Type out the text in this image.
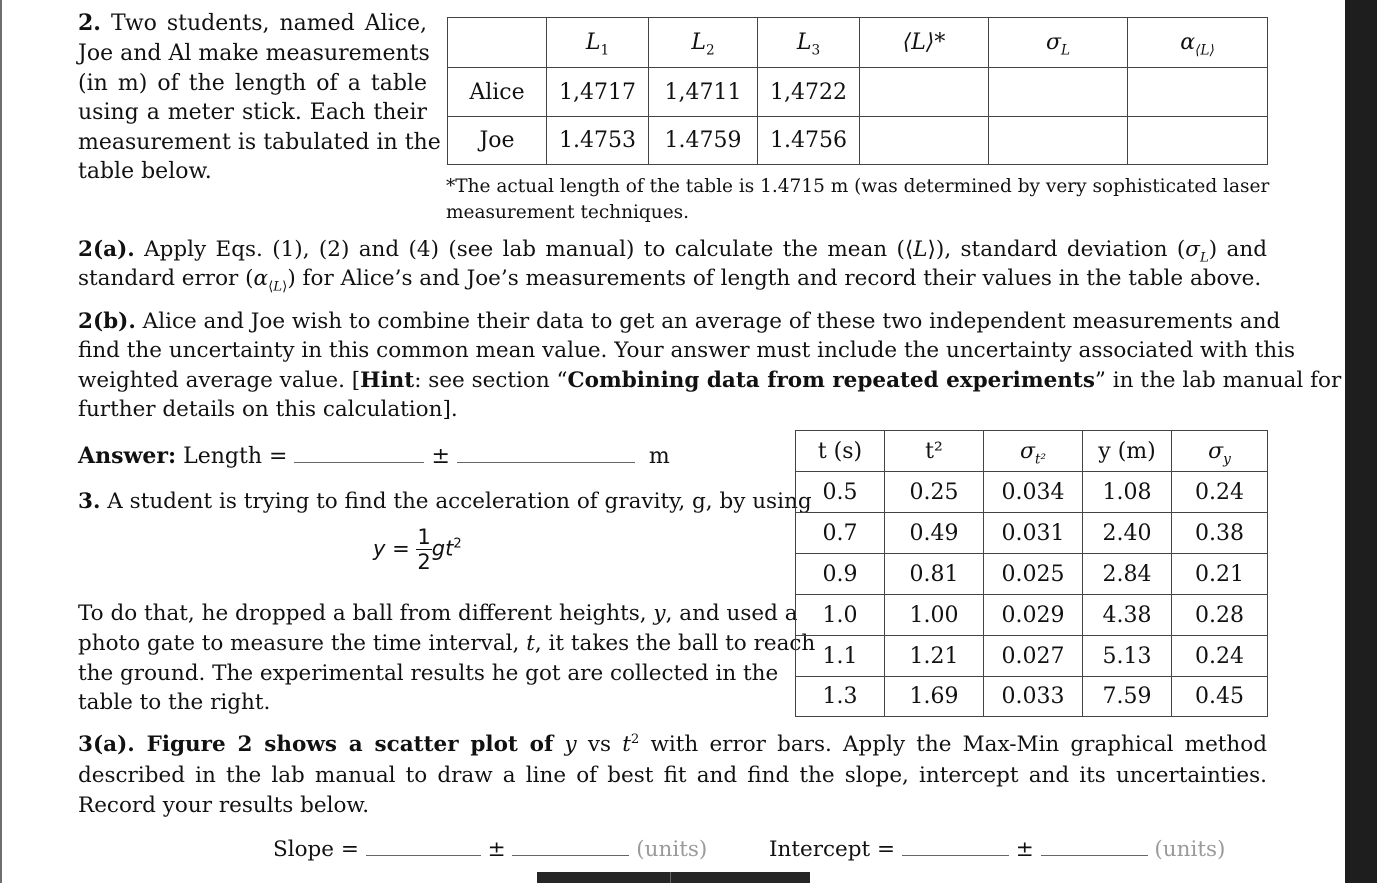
2. Two students, named Alice,
Joe and Al make measurements
(in m) of the length of a table
using a meter stick. Each their
measurement is tabulated in the
table below.
	$L_1$	$L_2$	$L_3$	⟨L⟩*	$\sigma_L$	$\alpha_{⟨L⟩}$
Alice	1,4717	1,4711	1,4722			
Joe	1.4753	1.4759	1.4756			
*The actual length of the table is 1.4715 m (was determined by very sophisticated laser
measurement techniques.
2(a). Apply Eqs. (1), (2) and (4) (see lab manual) to calculate the mean (⟨L⟩), standard deviation $(\sigma_L)$ and
standard error $(\alpha_{⟨L⟩})$ for Alice’s and Joe’s measurements of length and record their values in the table above.
2(b). Alice and Joe wish to combine their data to get an average of these two independent measurements and
find the uncertainty in this common mean value. Your answer must include the uncertainty associated with this
weighted average value. [Hint: see section “Combining data from repeated experiments” in the lab manual for
further details on this calculation].
Answer: Length =	±	m
3. A student is trying to find the acceleration of gravity, g, by using
$y = \frac{1}{2} gt^2$
To do that, he dropped a ball from different heights, y, and used a
photo gate to measure the time interval, t, it takes the ball to reach
the ground. The experimental results he got are collected in the
table to the right.
t (s)	t²	$\sigma_{t^2}$	y (m)	$\sigma_y$
0.5	0.25	0.034	1.08	0.24
0.7	0.49	0.031	2.40	0.38
0.9	0.81	0.025	2.84	0.21
1.0	1.00	0.029	4.38	0.28
1.1	1.21	0.027	5.13	0.24
1.3	1.69	0.033	7.59	0.45
3(a). Figure 2 shows a scatter plot of y vs $t^2$ with error bars. Apply the Max-Min graphical method
described in the lab manual to draw a line of best fit and find the slope, intercept and its uncertainties.
Record your results below.
Slope =	±	(units)	Intercept =	±	(units)
